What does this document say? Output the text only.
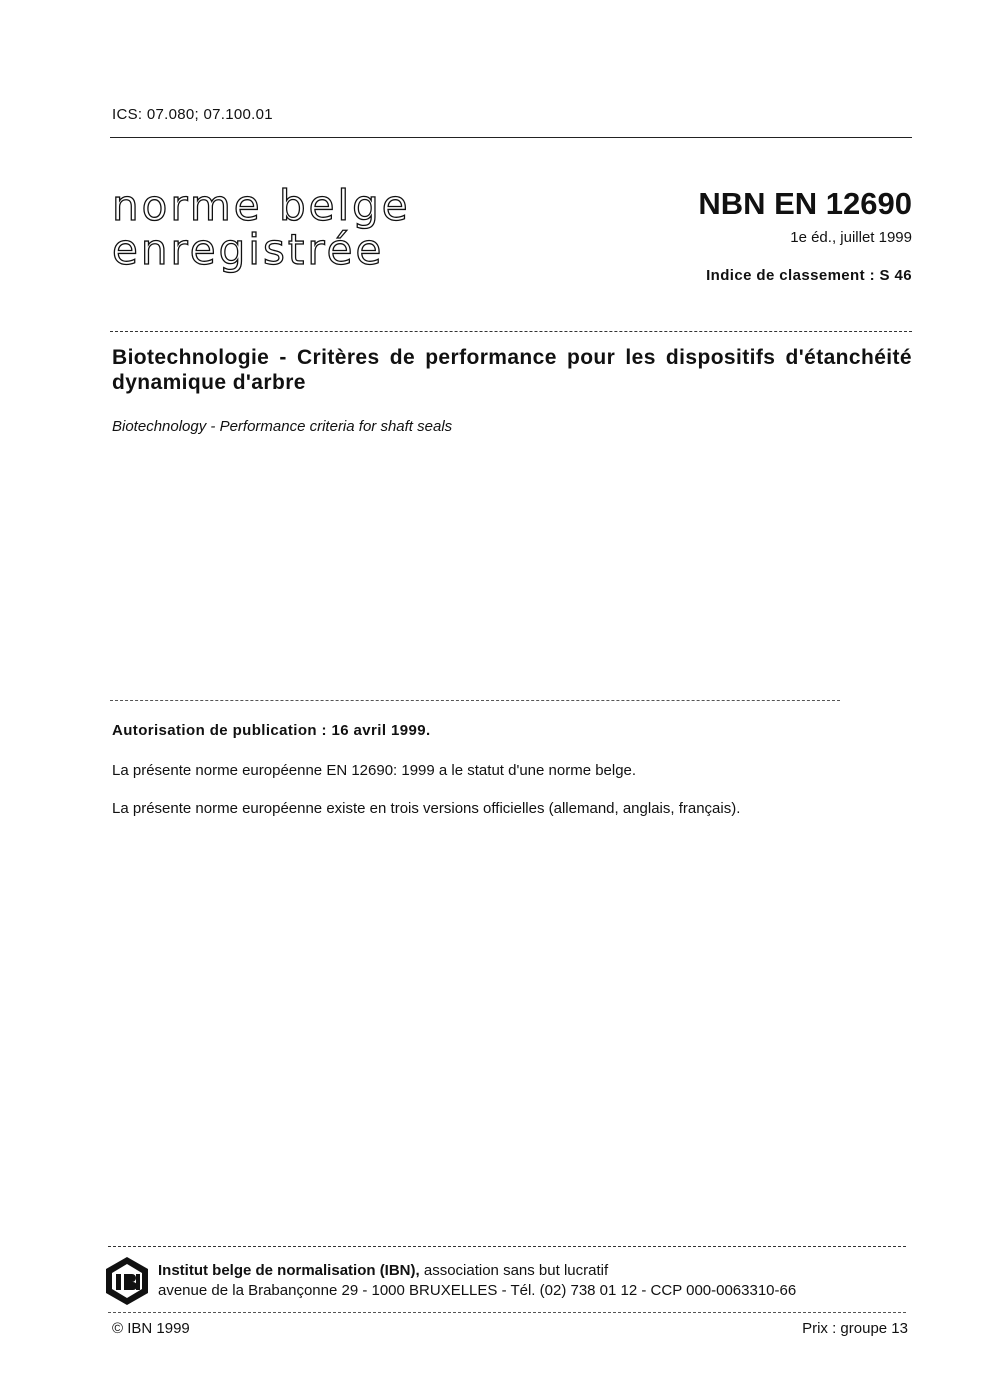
ICS: 07.080; 07.100.01
norme belge
enregistrée
NBN EN 12690
1e éd., juillet 1999
Indice de classement : S 46
Biotechnologie - Critères de performance pour les dispositifs d'étanchéité dynamique d'arbre
Biotechnology - Performance criteria for shaft seals
Autorisation de publication : 16 avril 1999.
La présente norme européenne EN 12690: 1999 a le statut d'une norme belge.
La présente norme européenne existe en trois versions officielles (allemand, anglais, français).
Institut belge de normalisation (IBN), association sans but lucratif
avenue de la Brabançonne 29 - 1000 BRUXELLES - Tél. (02) 738 01 12 - CCP 000-0063310-66
© IBN 1999	Prix : groupe 13
